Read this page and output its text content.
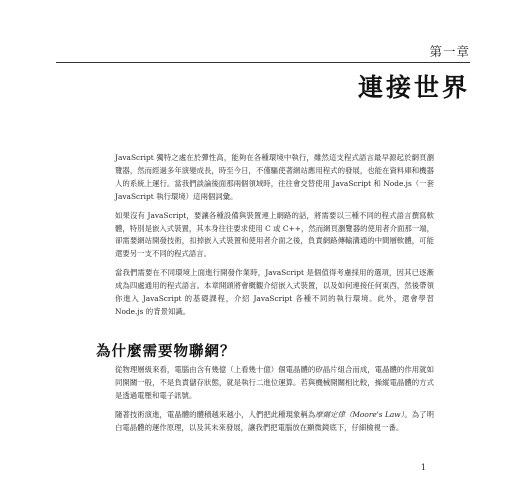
第一章
連接世界

JavaScript 獨特之處在於彈性高，能夠在各種環境中執行，雖然這支程式語言最早源起於網頁瀏覽器，然而經過多年演變成長，時至今日，不僅驅使著網站應用程式的發展，也能在資料庫和機器人的系統上運行。當我們談論後面那兩個領域時，往往會交替使用 JavaScript 和 Node.js（一套 JavaScript 執行環境）這兩個詞彙。

如果沒有 JavaScript，要讓各種設備與裝置連上網路的話，將需要以三種不同的程式語言撰寫軟體，特別是嵌入式裝置，其本身往往要求使用 C 或 C++，然而網頁瀏覽器的使用者介面那一端，卻需要網站開發技術，扣掉嵌入式裝置和使用者介面之後，負責網路傳輸溝通的中間層軟體，可能還要另一支不同的程式語言。

當我們需要在不同環境上面進行開發作業時，JavaScript 是個值得考慮採用的選項，因其已逐漸成為四處通用的程式語言。本章開頭將會概觀介紹嵌入式裝置，以及如何連接任何東西，然後帶領你進入 JavaScript 的基礎課程，介紹 JavaScript 各種不同的執行環境。此外，還會學習 Node.js 的背景知識。

為什麼需要物聯網？

從物理層級來看，電腦由含有幾億（上看幾十億）個電晶體的矽晶片組合而成，電晶體的作用就如同開關一般，不是負責儲存狀態，就是執行二進位運算。若與機械開關相比較，操縱電晶體的方式是透過電壓和電子訊號。

隨著技術演進，電晶體的體積越來越小，人們把此種現象稱為摩爾定律（Moore's Law）。為了明白電晶體的運作原理，以及其未來發展，讓我們把電腦放在顯微鏡底下，仔細檢視一番。

1
